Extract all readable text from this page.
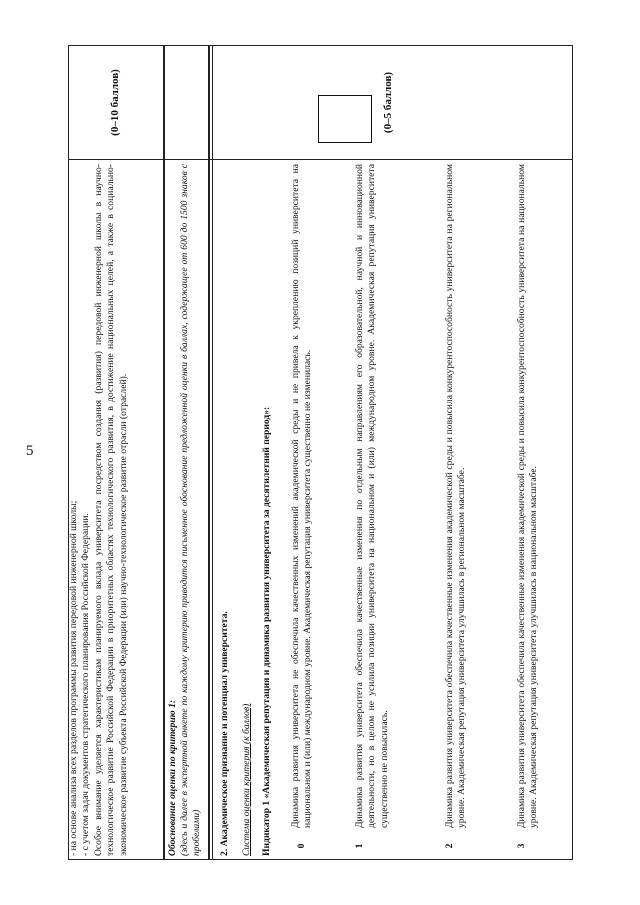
5
- на основе анализа всех разделов программы развития передовой инженерной школы; - с учетом задач документов стратегического планирования Российской Федерации. Особое внимание уделяется характеристикам планируемого вклада университета посредством создания (развития) передовой инженерной школы в научно-технологическое развитие Российской Федерации в приоритетных областях технологического развития, в достижение национальных целей, а также в социально-экономическое развитие субъекта Российской Федерации (или) научно-технологическое развитие отрасли (отраслей).
(0–10 баллов)
Обоснование оценки по критерию 1: (здесь и далее в экспертной анкете по каждому критерию приводится письменное обоснование предложенной оценки в баллах, содержащее от 600 до 1500 знаков с пробелами)	2. Академическое признание и потенциал университета. Система оценки критерия (к баллов) Индикатор 1 «Академическая репутация и динамика развития университета за десятилетний период»:
(0–5 баллов)
0
Динамика развития университета не обеспечила качественных изменений академической среды и не привела к укреплению позиций университета на национальном и (или) международном уровне. Академическая репутация университета существенно не изменилась.
1
Динамика развития университета обеспечила качественные изменения по отдельным направлениям его образовательной, научной и инновационной деятельности, но в целом не усилила позиции университета на национальном и (или) международном уровне. Академическая репутация университета существенно не повысилась.
2
Динамика развития университета обеспечила качественные изменения академической среды и повысила конкурентоспособность университета на региональном уровне. Академическая репутация университета улучшилась в региональном масштабе.
3
Динамика развития университета обеспечила качественные изменения академической среды и повысила конкурентоспособность университета на национальном уровне. Академическая репутация университета улучшилась в национальном масштабе.
